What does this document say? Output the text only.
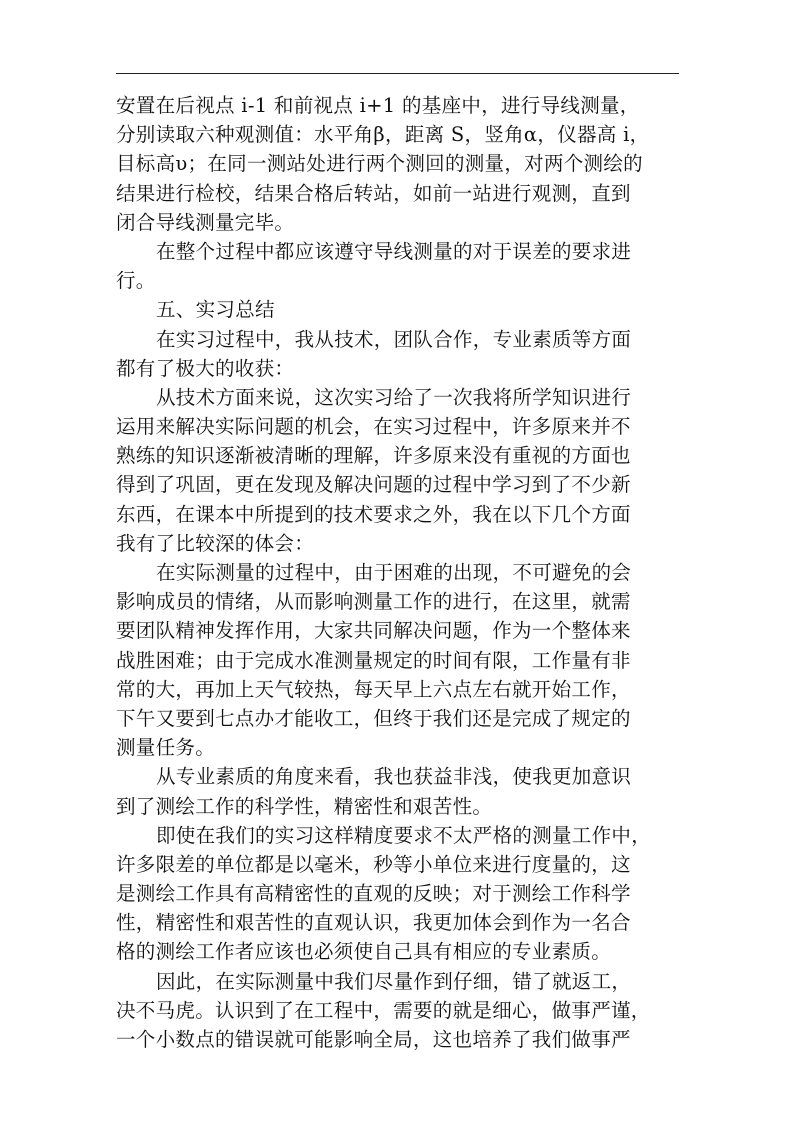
安置在后视点 i-1 和前视点 i+1 的基座中，进行导线测量，
分别读取六种观测值：水平角β，距离 S，竖角α，仪器高 i，
目标高υ；在同一测站处进行两个测回的测量，对两个测绘的
结果进行检校，结果合格后转站，如前一站进行观测，直到
闭合导线测量完毕。
在整个过程中都应该遵守导线测量的对于误差的要求进
行。
五、实习总结
在实习过程中，我从技术，团队合作，专业素质等方面
都有了极大的收获：
从技术方面来说，这次实习给了一次我将所学知识进行
运用来解决实际问题的机会，在实习过程中，许多原来并不
熟练的知识逐渐被清晰的理解，许多原来没有重视的方面也
得到了巩固，更在发现及解决问题的过程中学习到了不少新
东西，在课本中所提到的技术要求之外，我在以下几个方面
我有了比较深的体会：
在实际测量的过程中，由于困难的出现，不可避免的会
影响成员的情绪，从而影响测量工作的进行，在这里，就需
要团队精神发挥作用，大家共同解决问题，作为一个整体来
战胜困难；由于完成水准测量规定的时间有限，工作量有非
常的大，再加上天气较热，每天早上六点左右就开始工作，
下午又要到七点办才能收工，但终于我们还是完成了规定的
测量任务。
从专业素质的角度来看，我也获益非浅，使我更加意识
到了测绘工作的科学性，精密性和艰苦性。
即使在我们的实习这样精度要求不太严格的测量工作中，
许多限差的单位都是以毫米，秒等小单位来进行度量的，这
是测绘工作具有高精密性的直观的反映；对于测绘工作科学
性，精密性和艰苦性的直观认识，我更加体会到作为一名合
格的测绘工作者应该也必须使自己具有相应的专业素质。
因此，在实际测量中我们尽量作到仔细，错了就返工，
决不马虎。认识到了在工程中，需要的就是细心，做事严谨，
一个小数点的错误就可能影响全局，这也培养了我们做事严
